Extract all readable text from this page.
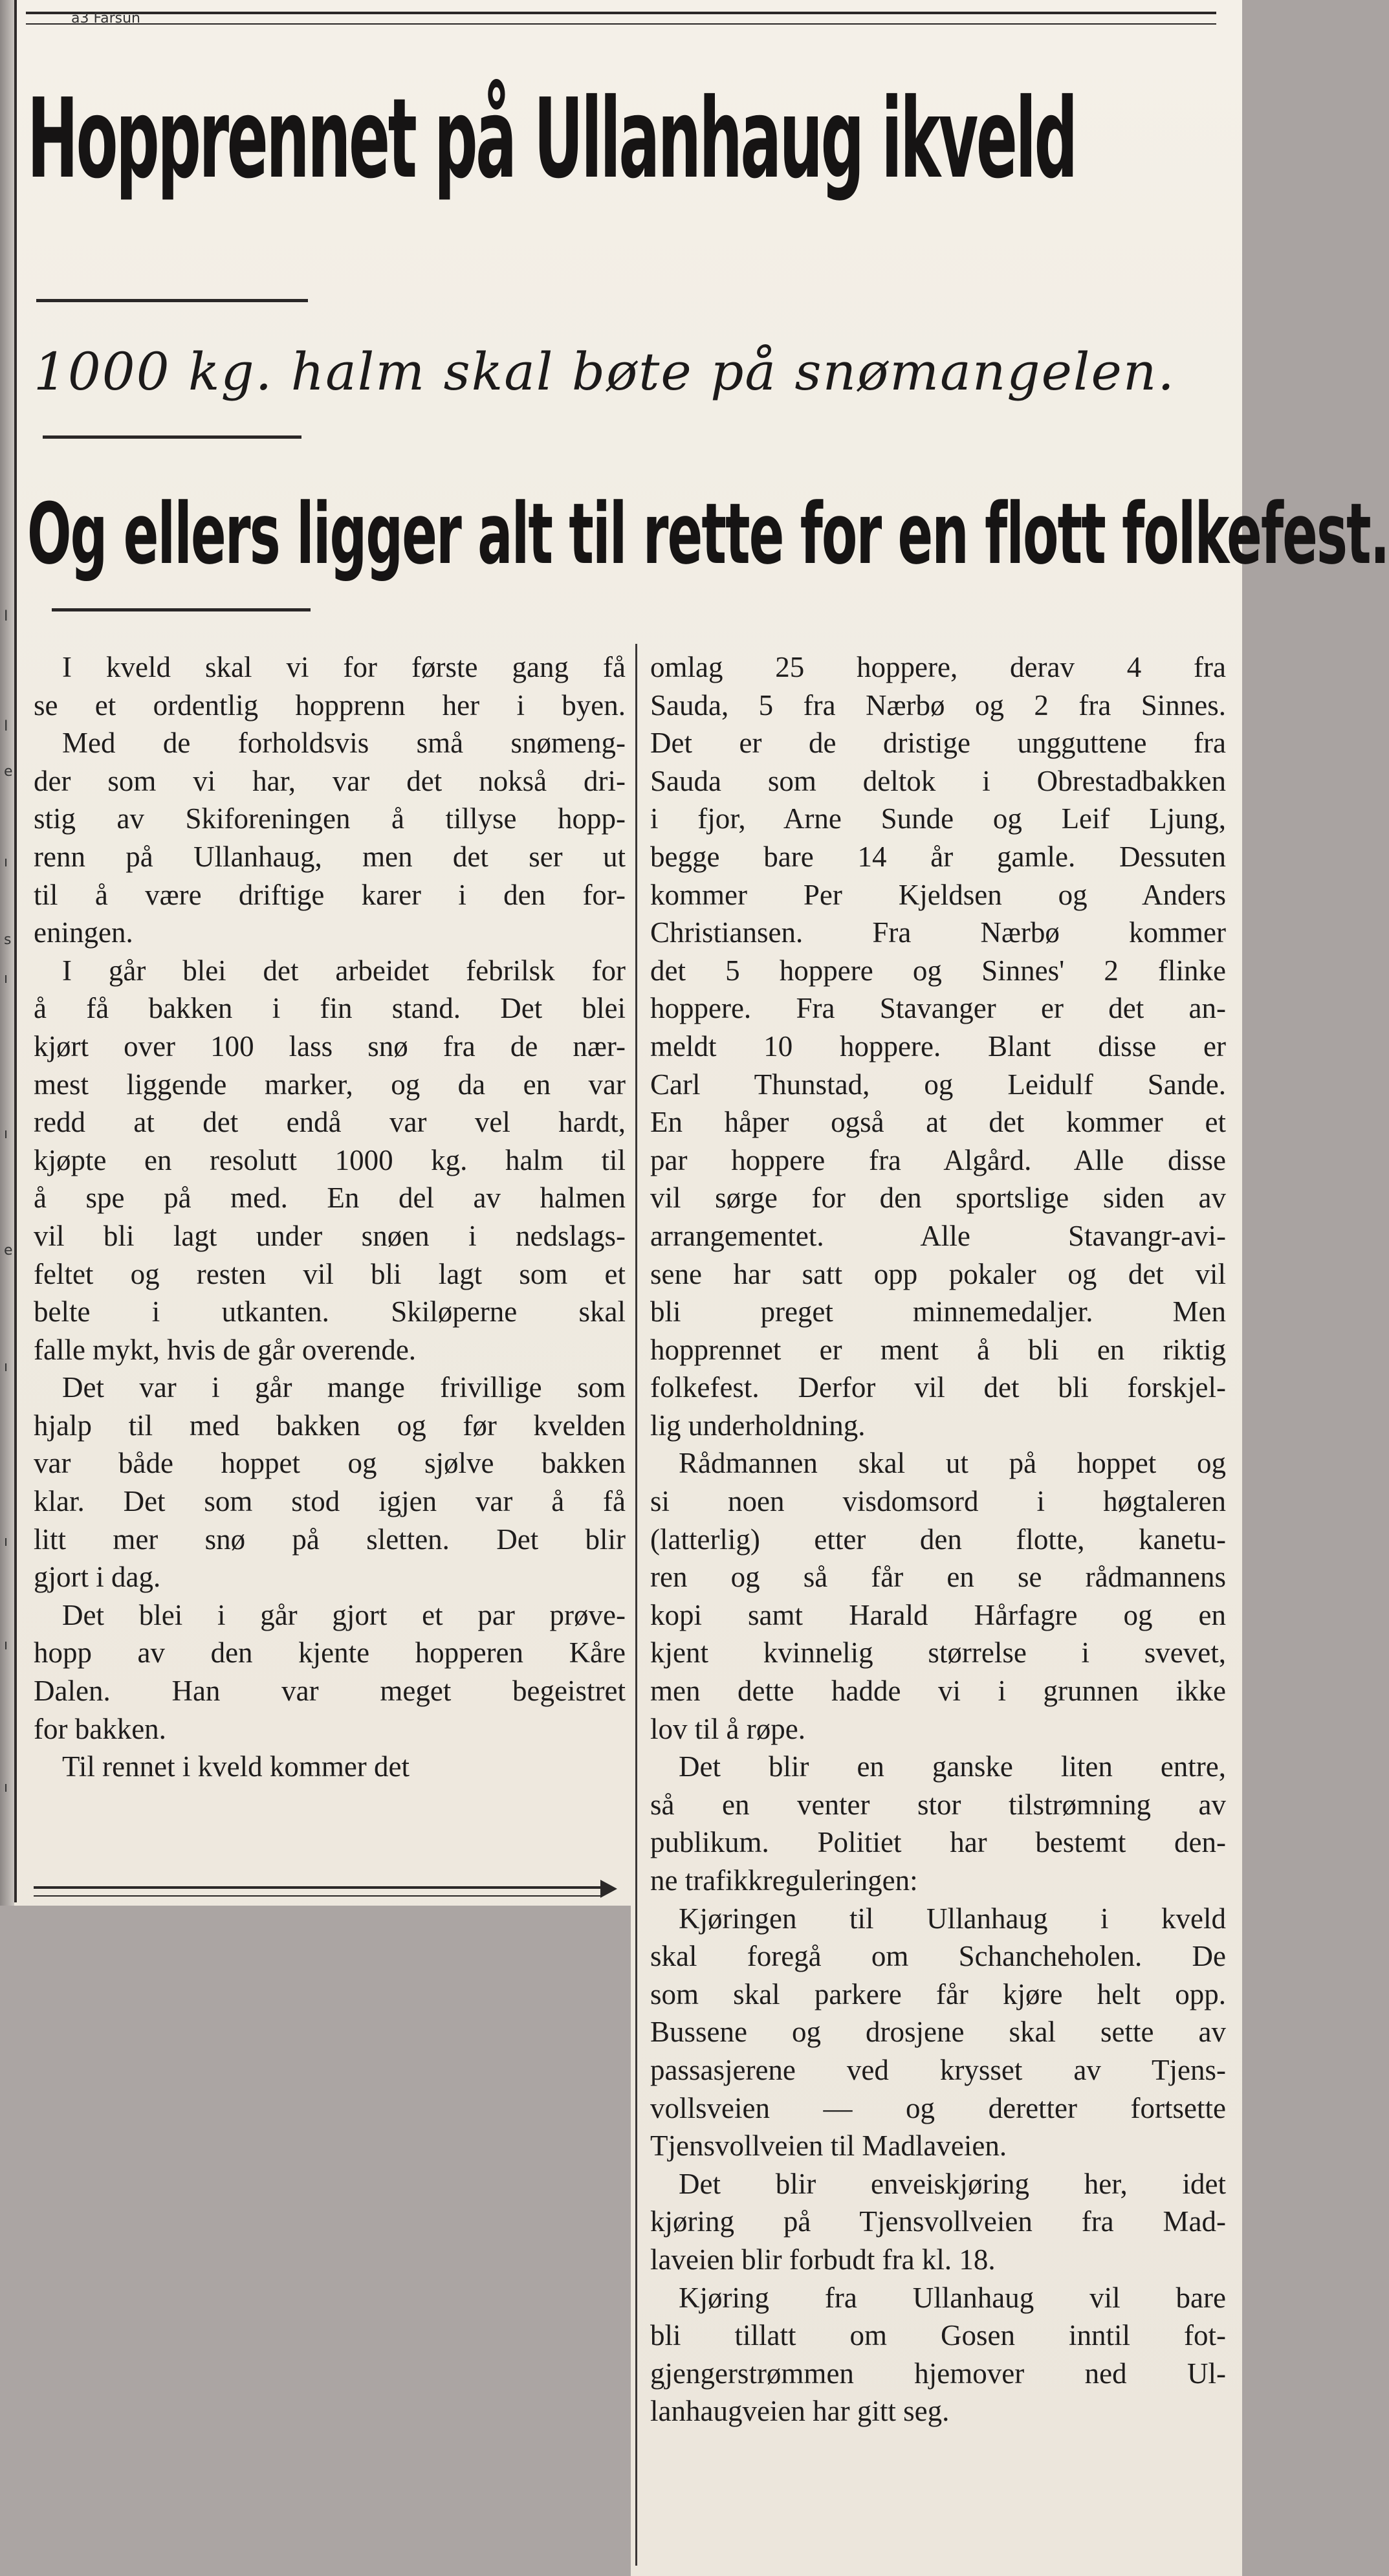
I
I
e
ı
s
ı
ı
e
ı
ı
ı
ı
a3 Farsun
Hopprennet på Ullanhaug ikveld
1000 kg. halm skal bøte på snømangelen.
Og ellers ligger alt til rette for en flott folkefest.

I kveld skal vi for første gang få

se et ordentlig hopprenn her i byen.

Med de forholdsvis små snømeng-

der som vi har, var det nokså dri-

stig av Skiforeningen å tillyse hopp-

renn på Ullanhaug, men det ser ut

til å være driftige karer i den for-

eningen.

I går blei det arbeidet febrilsk for

å få bakken i fin stand. Det blei

kjørt over 100 lass snø fra de nær-

mest liggende marker, og da en var

redd at det endå var vel hardt,

kjøpte en resolutt 1000 kg. halm til

å spe på med. En del av halmen

vil bli lagt under snøen i nedslags-

feltet og resten vil bli lagt som et

belte i utkanten. Skiløperne skal

falle mykt, hvis de går overende.

Det var i går mange frivillige som

hjalp til med bakken og før kvelden

var både hoppet og sjølve bakken

klar. Det som stod igjen var å få

litt mer snø på sletten. Det blir

gjort i dag.

Det blei i går gjort et par prøve-

hopp av den kjente hopperen Kåre

Dalen. Han var meget begeistret

for bakken.

Til rennet i kveld kommer det

omlag 25 hoppere, derav 4 fra

Sauda, 5 fra Nærbø og 2 fra Sinnes.

Det er de dristige ungguttene fra

Sauda som deltok i Obrestadbakken

i fjor, Arne Sunde og Leif Ljung,

begge bare 14 år gamle. Dessuten

kommer Per Kjeldsen og Anders

Christiansen. Fra Nærbø kommer

det 5 hoppere og Sinnes' 2 flinke

hoppere. Fra Stavanger er det an-

meldt 10 hoppere. Blant disse er

Carl Thunstad, og Leidulf Sande.

En håper også at det kommer et

par hoppere fra Algård. Alle disse

vil sørge for den sportslige siden av

arrangementet. Alle Stavangr-avi-

sene har satt opp pokaler og det vil

bli preget minnemedaljer. Men

hopprennet er ment å bli en riktig

folkefest. Derfor vil det bli forskjel-

lig underholdning.

Rådmannen skal ut på hoppet og

si noen visdomsord i høgtaleren

(latterlig) etter den flotte, kanetu-

ren og så får en se rådmannens

kopi samt Harald Hårfagre og en

kjent kvinnelig størrelse i svevet,

men dette hadde vi i grunnen ikke

lov til å røpe.

Det blir en ganske liten entre,

så en venter stor tilstrømning av

publikum. Politiet har bestemt den-

ne trafikkreguleringen:

Kjøringen til Ullanhaug i kveld

skal foregå om Schancheholen. De

som skal parkere får kjøre helt opp.

Bussene og drosjene skal sette av

passasjerene ved krysset av Tjens-

vollsveien — og deretter fortsette

Tjensvollveien til Madlaveien.

Det blir enveiskjøring her, idet

kjøring på Tjensvollveien fra Mad-

laveien blir forbudt fra kl. 18.

Kjøring fra Ullanhaug vil bare

bli tillatt om Gosen inntil fot-

gjengerstrømmen hjemover ned Ul-

lanhaugveien har gitt seg.
